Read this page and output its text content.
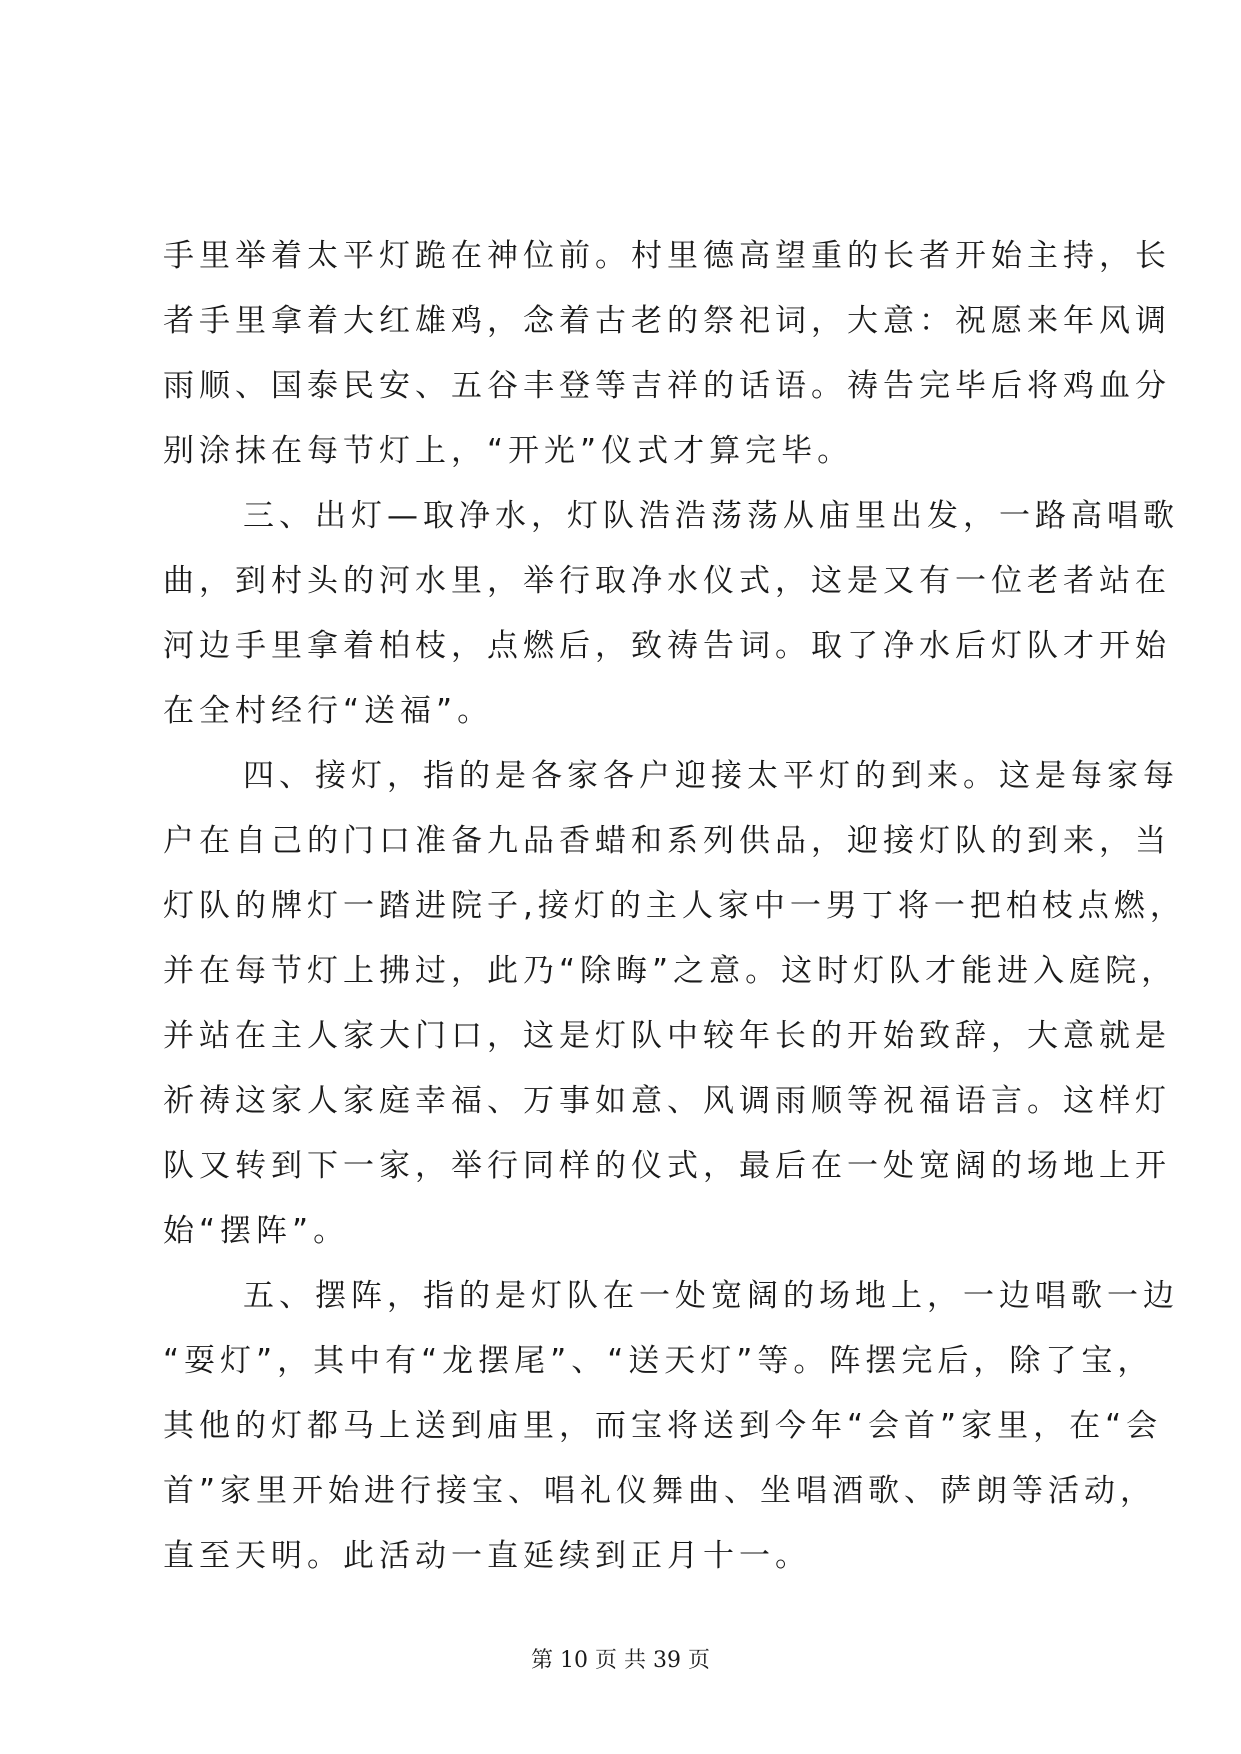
手里举着太平灯跪在神位前。村里德高望重的长者开始主持，长
者手里拿着大红雄鸡，念着古老的祭祀词，大意：祝愿来年风调
雨顺、国泰民安、五谷丰登等吉祥的话语。祷告完毕后将鸡血分
别涂抹在每节灯上，“开光”仪式才算完毕。
三、出灯—取净水，灯队浩浩荡荡从庙里出发，一路高唱歌
曲，到村头的河水里，举行取净水仪式，这是又有一位老者站在
河边手里拿着柏枝，点燃后，致祷告词。取了净水后灯队才开始
在全村经行“送福”。
四、接灯，指的是各家各户迎接太平灯的到来。这是每家每
户在自己的门口准备九品香蜡和系列供品，迎接灯队的到来，当
灯队的牌灯一踏进院子,接灯的主人家中一男丁将一把柏枝点燃，
并在每节灯上拂过，此乃“除晦”之意。这时灯队才能进入庭院，
并站在主人家大门口，这是灯队中较年长的开始致辞，大意就是
祈祷这家人家庭幸福、万事如意、风调雨顺等祝福语言。这样灯
队又转到下一家，举行同样的仪式，最后在一处宽阔的场地上开
始“摆阵”。
五、摆阵，指的是灯队在一处宽阔的场地上，一边唱歌一边
“耍灯”，其中有“龙摆尾”、“送天灯”等。阵摆完后，除了宝，
其他的灯都马上送到庙里，而宝将送到今年“会首”家里，在“会
首”家里开始进行接宝、唱礼仪舞曲、坐唱酒歌、萨朗等活动，
直至天明。此活动一直延续到正月十一。
第 10 页 共 39 页
